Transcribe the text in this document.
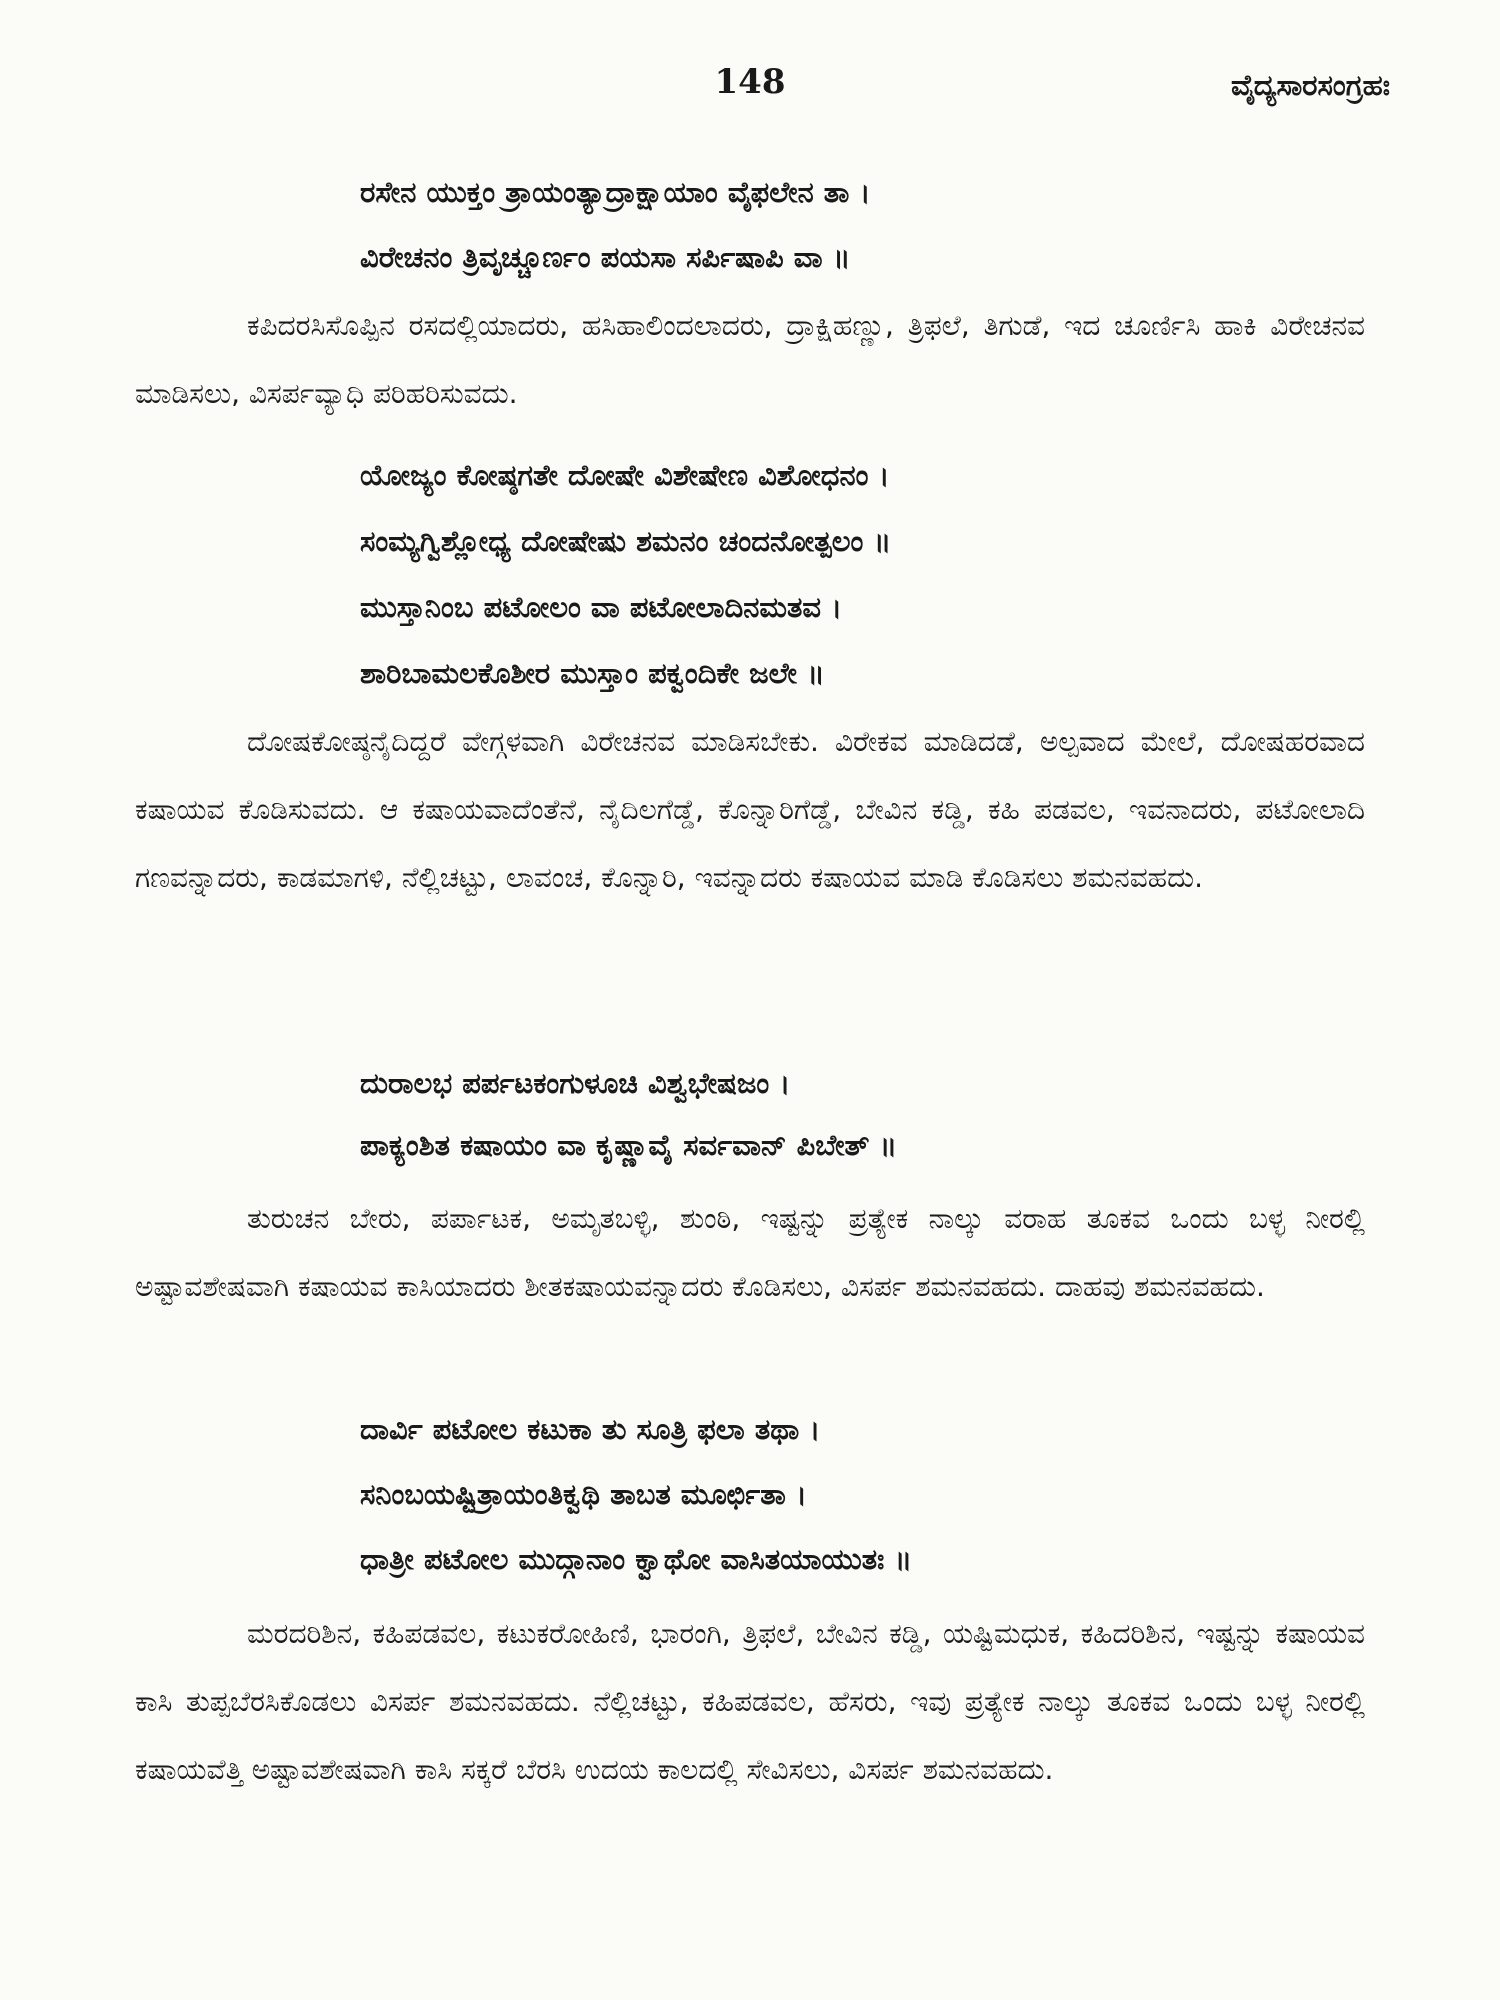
148	ವೈದ್ಯಸಾರಸಂಗ್ರಹಃ
ರಸೇನ ಯುಕ್ತಂ ತ್ರಾಯಂತ್ಯಾದ್ರಾಕ್ಷಾಯಾಂ ವೈಫಲೇನ ತಾ ।
ವಿರೇಚನಂ ತ್ರಿವೃಚ್ಚೂರ್ಣಂ ಪಯಸಾ ಸರ್ಪಿಷಾಪಿ ವಾ ॥

ಕಪಿದರಸಿಸೊಪ್ಪಿನ ರಸದಲ್ಲಿಯಾದರು, ಹಸಿಹಾಲಿಂದಲಾದರು, ದ್ರಾಕ್ಷಿಹಣ್ಣು, ತ್ರಿಫಲೆ, ತಿಗುಡೆ, ಇದ ಚೂರ್ಣಿಸಿ ಹಾಕಿ ವಿರೇಚನವ ಮಾಡಿಸಲು, ವಿಸರ್ಪವ್ಯಾಧಿ ಪರಿಹರಿಸುವದು.

ಯೋಜ್ಯಂ ಕೋಷ್ಠಗತೇ ದೋಷೇ ವಿಶೇಷೇಣ ವಿಶೋಧನಂ ।
ಸಂಮ್ಯಗ್ವಿಶ್ಲೋಧ್ಯ ದೋಷೇಷು ಶಮನಂ ಚಂದನೋತ್ಪಲಂ ॥
ಮುಸ್ತಾನಿಂಬ ಪಟೋಲಂ ವಾ ಪಟೋಲಾದಿನಮತವ ।
ಶಾರಿಬಾಮಲಕೊಶೀರ ಮುಸ್ತಾಂ ಪಕ್ವಂದಿಕೇ ಜಲೇ ॥

ದೋಷಕೋಷ್ಠನೈದಿದ್ದರೆ ವೇಗ್ಗಳವಾಗಿ ವಿರೇಚನವ ಮಾಡಿಸಬೇಕು. ವಿರೇಕವ ಮಾಡಿದಡೆ, ಅಲ್ಪವಾದ ಮೇಲೆ, ದೋಷಹರವಾದ ಕಷಾಯವ ಕೊಡಿಸುವದು. ಆ ಕಷಾಯವಾದೆಂತೆನೆ, ನೈದಿಲಗೆಡ್ಡೆ, ಕೊನ್ನಾರಿಗೆಡ್ಡೆ, ಬೇವಿನ ಕಡ್ಡಿ, ಕಹಿ ಪಡವಲ, ಇವನಾದರು, ಪಟೋಲಾದಿ ಗಣವನ್ನಾದರು, ಕಾಡಮಾಗಳಿ, ನೆಲ್ಲಿಚಟ್ಟು, ಲಾವಂಚ, ಕೊನ್ನಾರಿ, ಇವನ್ನಾದರು ಕಷಾಯವ ಮಾಡಿ ಕೊಡಿಸಲು ಶಮನವಹದು.

ದುರಾಲಭ ಪರ್ಪಟಕಂಗುಳೂಚಿ ವಿಶ್ವಭೇಷಜಂ ।
ಪಾಕ್ಯಂಶಿತ ಕಷಾಯಂ ವಾ ಕೃಷ್ಣಾವೈ ಸರ್ವವಾನ್ ಪಿಬೇತ್ ॥

ತುರುಚನ ಬೇರು, ಪರ್ಪಾಟಕ, ಅಮೃತಬಳ್ಳಿ, ಶುಂಠಿ, ಇಷ್ಟನ್ನು ಪ್ರತ್ಯೇಕ ನಾಲ್ಕು ವರಾಹ ತೂಕವ ಒಂದು ಬಳ್ಳ ನೀರಲ್ಲಿ ಅಷ್ಟಾವಶೇಷವಾಗಿ ಕಷಾಯವ ಕಾಸಿಯಾದರು ಶೀತಕಷಾಯವನ್ನಾದರು ಕೊಡಿಸಲು, ವಿಸರ್ಪ ಶಮನವಹದು. ದಾಹವು ಶಮನವಹದು.

ದಾರ್ವಿ ಪಟೋಲ ಕಟುಕಾ ತು ಸೂತ್ರಿ ಫಲಾ ತಥಾ ।
ಸನಿಂಬಯಷ್ಟಿತ್ರಾಯಂತಿಕ್ವಥಿ ತಾಬತ ಮೂರ್ಛಿತಾ ।
ಧಾತ್ರೀ ಪಟೋಲ ಮುದ್ಗಾನಾಂ ಕ್ವಾಥೋ ವಾಸಿತಯಾಯುತಃ ॥

ಮರದರಿಶಿನ, ಕಹಿಪಡವಲ, ಕಟುಕರೋಹಿಣಿ, ಭಾರಂಗಿ, ತ್ರಿಫಲೆ, ಬೇವಿನ ಕಡ್ಡಿ, ಯಷ್ಟಿಮಧುಕ, ಕಹಿದರಿಶಿನ, ಇಷ್ಟನ್ನು ಕಷಾಯವ ಕಾಸಿ ತುಪ್ಪಬೆರಸಿಕೊಡಲು ವಿಸರ್ಪ ಶಮನವಹದು. ನೆಲ್ಲಿಚಟ್ಟು, ಕಹಿಪಡವಲ, ಹೆಸರು, ಇವು ಪ್ರತ್ಯೇಕ ನಾಲ್ಕು ತೂಕವ ಒಂದು ಬಳ್ಳ ನೀರಲ್ಲಿ ಕಷಾಯವೆತ್ತಿ ಅಷ್ಟಾವಶೇಷವಾಗಿ ಕಾಸಿ ಸಕ್ಕರೆ ಬೆರಸಿ ಉದಯ ಕಾಲದಲ್ಲಿ ಸೇವಿಸಲು, ವಿಸರ್ಪ ಶಮನವಹದು.
